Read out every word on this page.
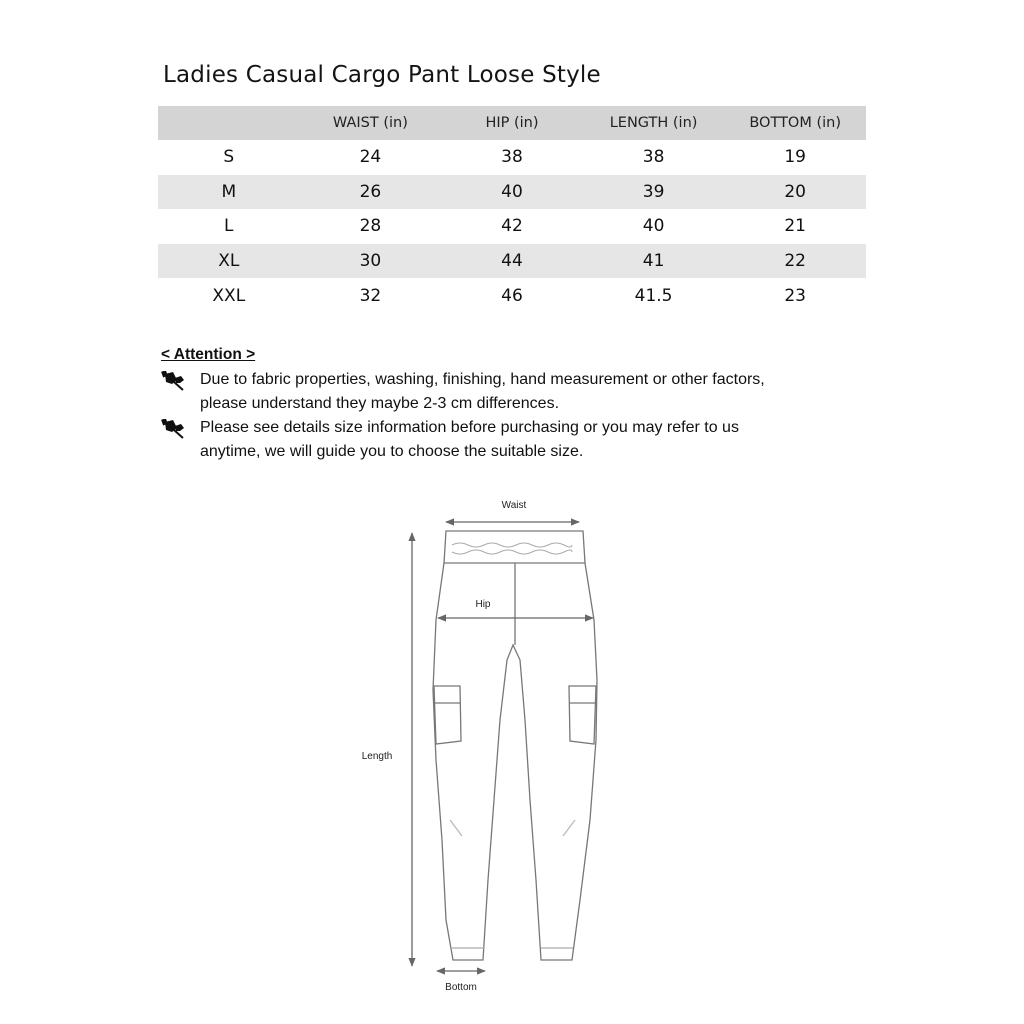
Ladies Casual Cargo Pant Loose Style
	WAIST (in)	HIP (in)	LENGTH (in)	BOTTOM (in)
S	24	38	38	19
M	26	40	39	20
L	28	42	40	21
XL	30	44	41	22
XXL	32	46	41.5	23

< Attention >

Due to fabric properties, washing, finishing, hand measurement or other factors,
please understand they maybe 2-3 cm differences.
Please see details size information before purchasing or you may refer to us
anytime, we will guide you to choose the suitable size.
Waist
Hip
Length
Bottom
